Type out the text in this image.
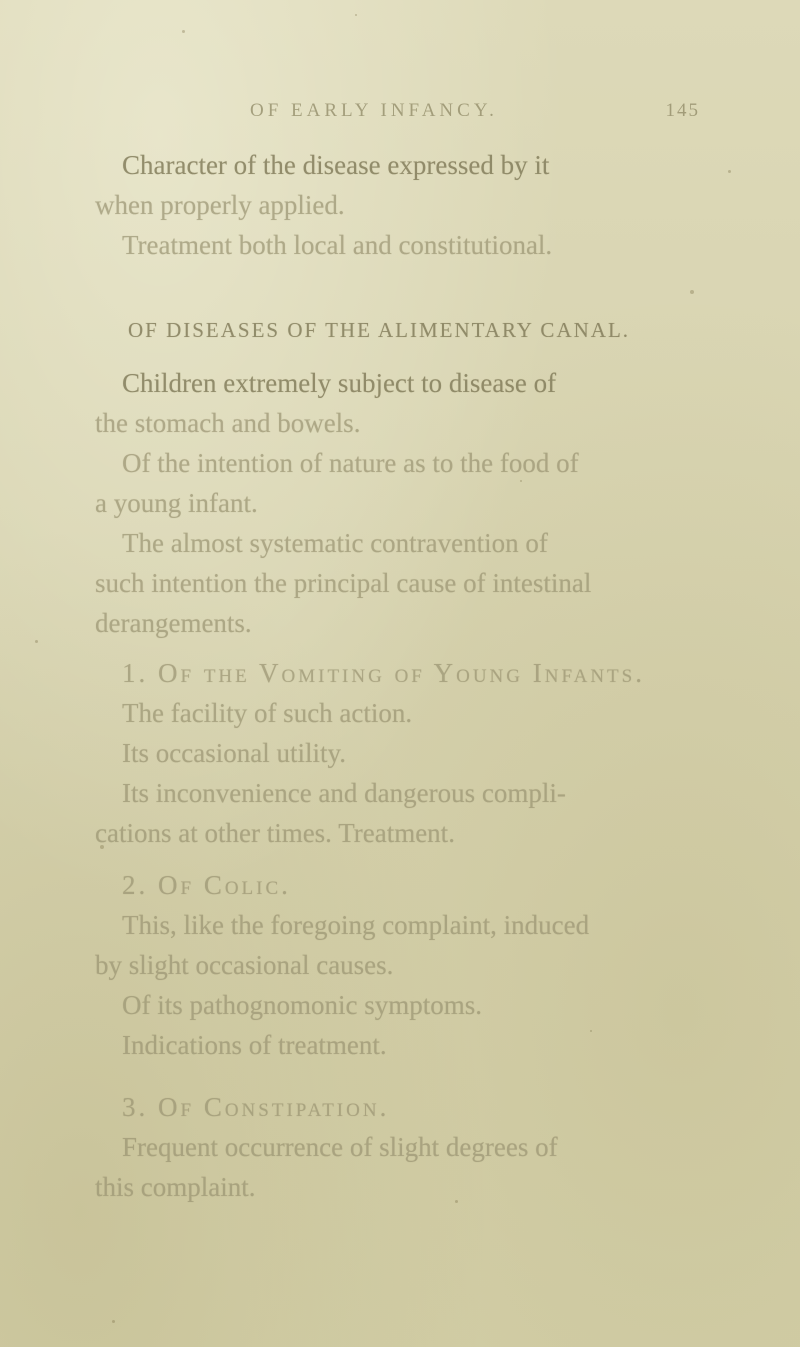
OF EARLY INFANCY.	145
Character of the disease expressed by it
when properly applied.
Treatment both local and constitutional.
OF DISEASES OF THE ALIMENTARY CANAL.
Children extremely subject to disease of
the stomach and bowels.
Of the intention of nature as to the food of
a young infant.
The almost systematic contravention of
such intention the principal cause of intestinal
derangements.
1. Of the Vomiting of Young Infants.
The facility of such action.
Its occasional utility.
Its inconvenience and dangerous compli-
cations at other times. Treatment.
2. Of Colic.
This, like the foregoing complaint, induced
by slight occasional causes.
Of its pathognomonic symptoms.
Indications of treatment.
3. Of Constipation.
Frequent occurrence of slight degrees of
this complaint.
